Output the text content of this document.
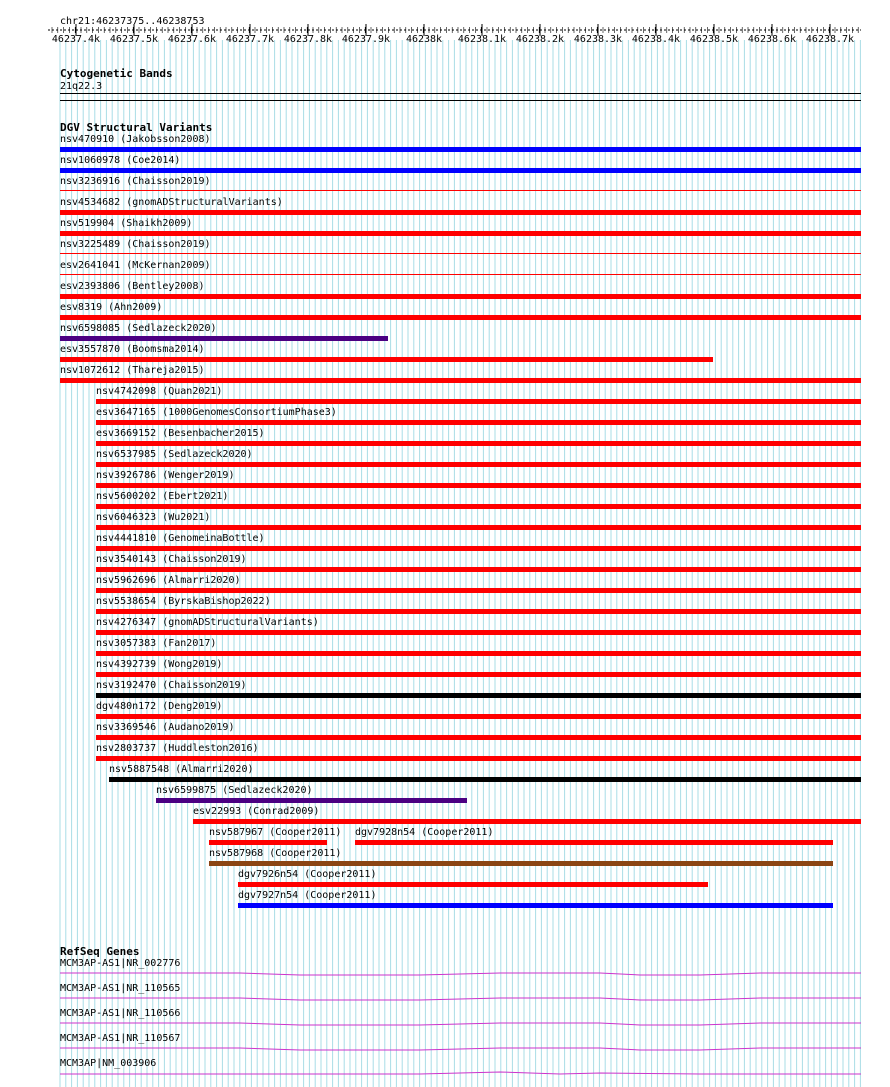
chr21:46237375..46238753
46237.4k 46237.5k 46237.6k 46237.7k 46237.8k 46237.9k 46238k 46238.1k 46238.2k 46238.3k 46238.4k 46238.5k 46238.6k 46238.7k
Cytogenetic Bands
21q22.3
DGV Structural Variants
nsv470910 (Jakobsson2008)
nsv1060978 (Coe2014)
nsv3236916 (Chaisson2019)
nsv4534682 (gnomADStructuralVariants)
nsv519904 (Shaikh2009)
nsv3225489 (Chaisson2019)
esv2641041 (McKernan2009)
esv2393806 (Bentley2008)
esv8319 (Ahn2009)
nsv6598085 (Sedlazeck2020)
esv3557870 (Boomsma2014)
nsv1072612 (Thareja2015)
nsv4742098 (Quan2021)
esv3647165 (1000GenomesConsortiumPhase3)
esv3669152 (Besenbacher2015)
nsv6537985 (Sedlazeck2020)
nsv3926786 (Wenger2019)
nsv5600202 (Ebert2021)
nsv6046323 (Wu2021)
nsv4441810 (GenomeinaBottle)
nsv3540143 (Chaisson2019)
nsv5962696 (Almarri2020)
nsv5538654 (ByrskaBishop2022)
nsv4276347 (gnomADStructuralVariants)
nsv3057383 (Fan2017)
nsv4392739 (Wong2019)
nsv3192470 (Chaisson2019)
dgv480n172 (Deng2019)
nsv3369546 (Audano2019)
nsv2803737 (Huddleston2016)
nsv5887548 (Almarri2020)
nsv6599875 (Sedlazeck2020)
esv22993 (Conrad2009)
nsv587967 (Cooper2011) dgv7928n54 (Cooper2011)
nsv587968 (Cooper2011)
dgv7926n54 (Cooper2011)
dgv7927n54 (Cooper2011)
RefSeq Genes
MCM3AP-AS1|NR_002776
MCM3AP-AS1|NR_110565
MCM3AP-AS1|NR_110566
MCM3AP-AS1|NR_110567
MCM3AP|NM_003906
